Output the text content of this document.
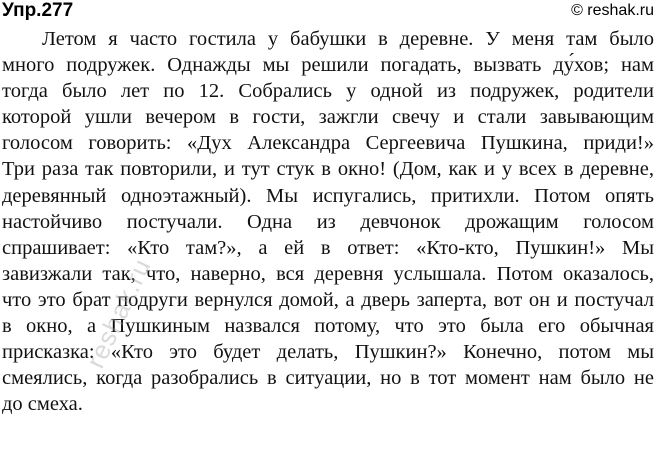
Упр.277	© reshak.ru
Летом я часто гостила у бабушки в деревне. У меня там было
много подружек. Однажды мы решили погадать, вызвать ду́хов; нам
тогда было лет по 12. Собрались у одной из подружек, родители
которой ушли вечером в гости, зажгли свечу и стали завывающим
голосом говорить: «Дух Александра Сергеевича Пушкина, приди!»
Три раза так повторили, и тут стук в окно! (Дом, как и у всех в деревне,
деревянный одноэтажный). Мы испугались, притихли. Потом опять
настойчиво постучали. Одна из девчонок дрожащим голосом
спрашивает: «Кто там?», а ей в ответ: «Кто-кто, Пушкин!» Мы
завизжали так, что, наверно, вся деревня услышала. Потом оказалось,
что это брат подруги вернулся домой, а дверь заперта, вот он и постучал
в окно, а Пушкиным назвался потому, что это была его обычная
присказка: «Кто это будет делать, Пушкин?» Конечно, потом мы
смеялись, когда разобрались в ситуации, но в тот момент нам было не
до смеха.
reshak.ru
